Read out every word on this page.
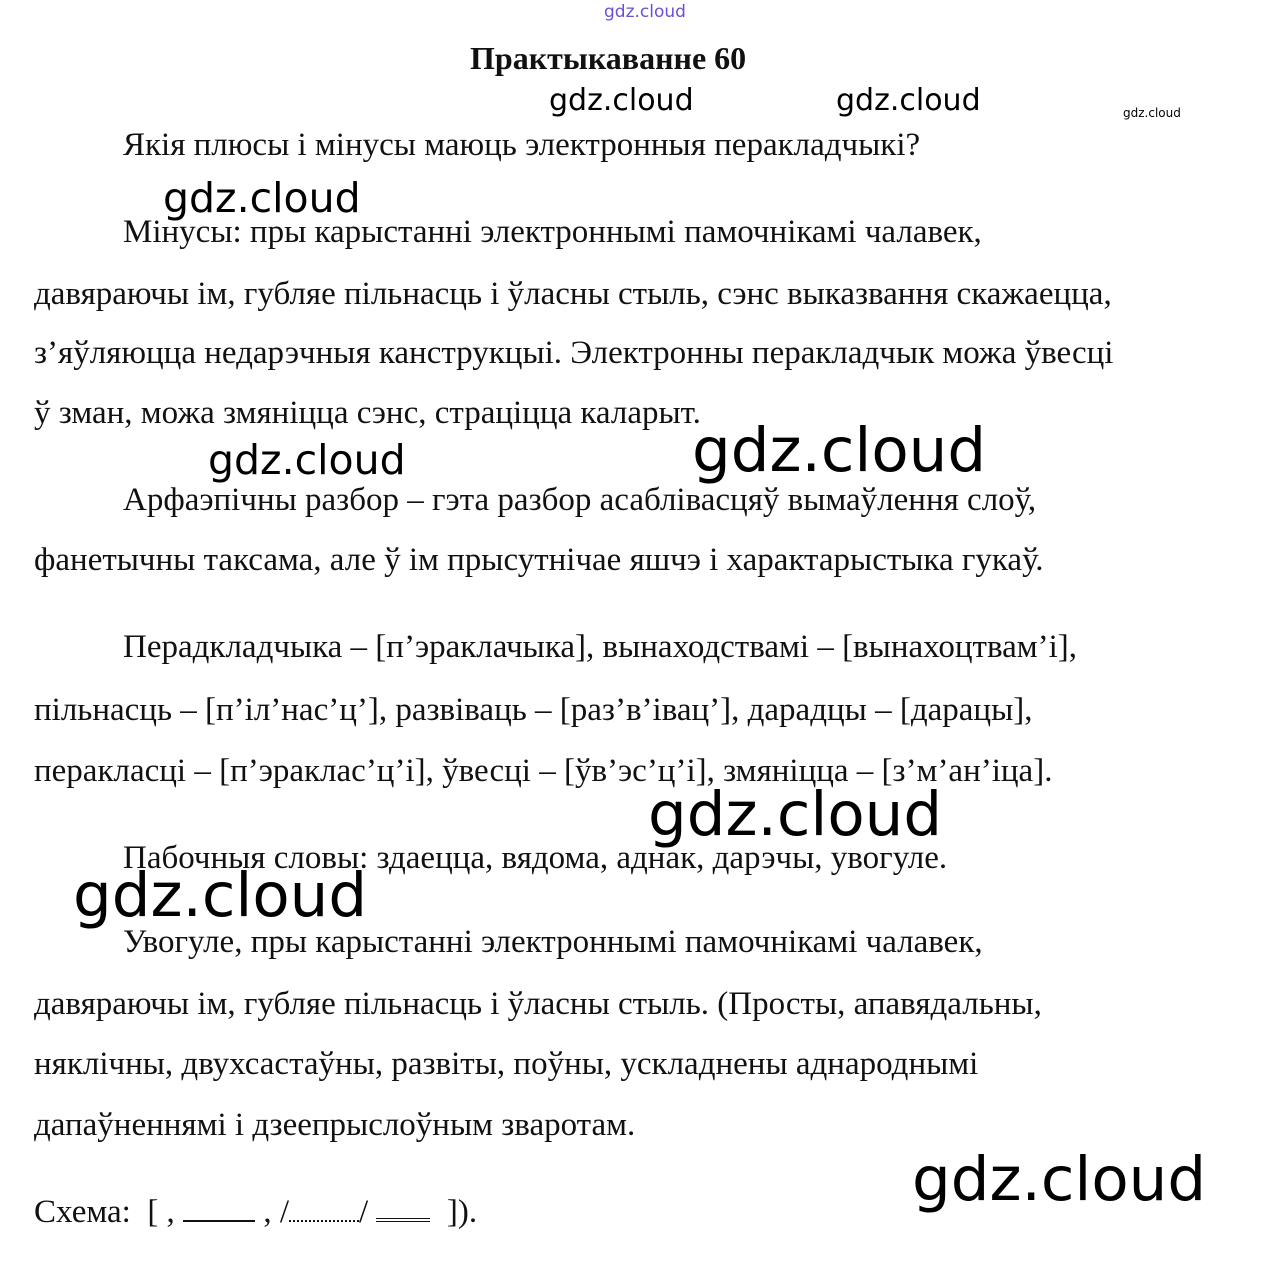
gdz.cloud
Практыкаванне 60
Якія плюсы і мінусы маюць электронныя перакладчыкі?
Мінусы: пры карыстанні электроннымі памочнікамі чалавек,
давяраючы ім, губляе пільнасць і ўласны стыль, сэнс выказвання скажаецца,
з’яўляюцца недарэчныя канструкцыі. Электронны перакладчык можа ўвесці
ў зман, можа змяніцца сэнс, страціцца каларыт.
Арфаэпічны разбор – гэта разбор асаблівасцяў вымаўлення слоў,
фанетычны таксама, але ў ім прысутнічае яшчэ і характарыстыка гукаў.
Перадкладчыка – [п’эраклачыка], вынаходствамі – [вынахоцтвам’і],
пільнасць – [п’іл’нас’ц’], развіваць – [раз’в’івац’], дарадцы – [дарацы],
перакласці – [п’эраклас’ц’і], ўвесці – [ўв’эс’ц’і], змяніцца – [з’м’ан’іца].
Пабочныя словы: здаецца, вядома, аднак, дарэчы, увогуле.
Увогуле, пры карыстанні электроннымі памочнікамі чалавек,
давяраючы ім, губляе пільнасць і ўласны стыль. (Просты, апавядальны,
няклічны, двухсастаўны, развіты, поўны, ускладнены аднароднымі
дапаўненнямі і дзеепрыслоўным зваротам.
Схема: [ ,	, / / ]).
gdz.cloud	gdz.cloud	gdz.cloud
gdz.cloud
gdz.cloud	gdz.cloud
gdz.cloud
gdz.cloud
gdz.cloud
